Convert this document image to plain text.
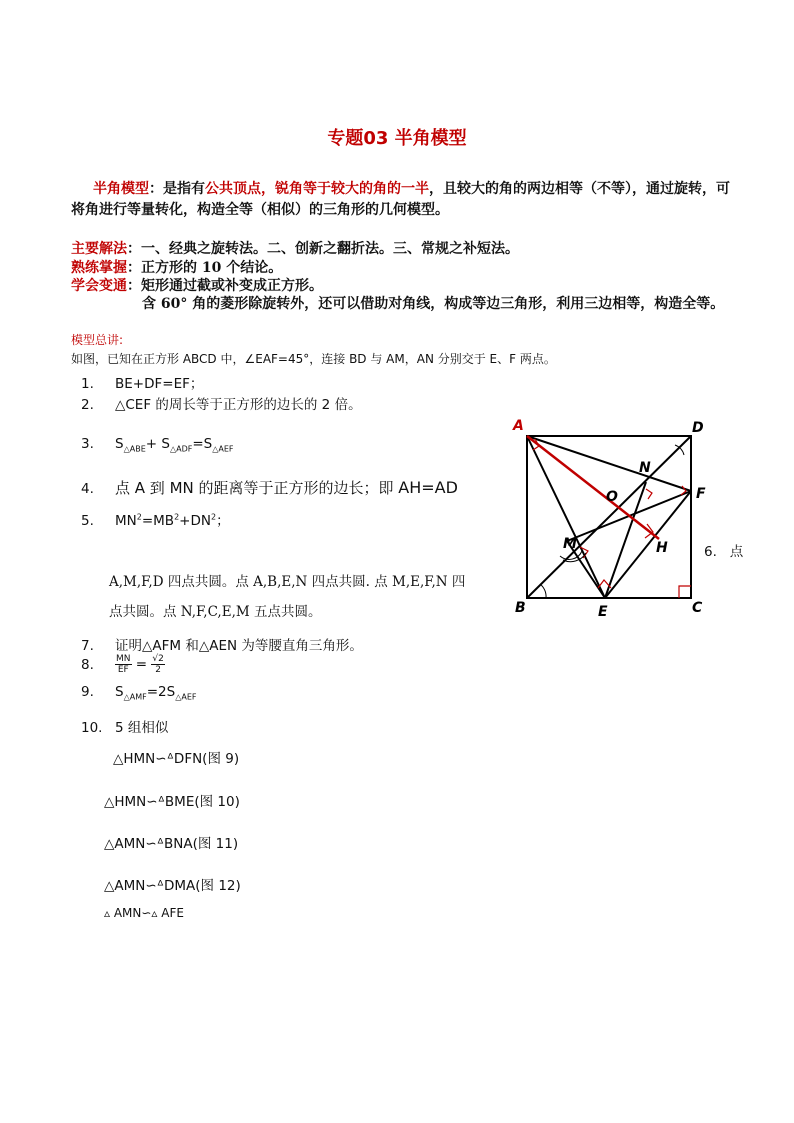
专题03 半角模型
半角模型：是指有公共顶点，锐角等于较大的角的一半，且较大的角的两边相等（不等），通过旋转，可
将角进行等量转化，构造全等（相似）的三角形的几何模型。
主要解法：一、经典之旋转法。二、创新之翻折法。三、常规之补短法。
熟练掌握：正方形的 10 个结论。
学会变通：矩形通过截或补变成正方形。
含 60° 角的菱形除旋转外，还可以借助对角线，构成等边三角形，利用三边相等，构造全等。
模型总讲:
如图，已知在正方形 ABCD 中，∠EAF=45°，连接 BD 与 AM，AN 分别交于 E、F 两点。
1. BE+DF=EF；
2. △CEF 的周长等于正方形的边长的 2 倍。
3. $S_{\triangle ABE}+ S_{\triangle ADF}=S_{\triangle AEF}$
4. 点 A 到 MN 的距离等于正方形的边长；即 AH=AD
5. $MN^2=MB^2+DN^2$；
6. 点
A,M,F,D 四点共圆。点 A,B,E,N 四点共圆. 点 M,E,F,N 四
点共圆。点 N,F,C,E,M 五点共圆。
7. 证明△AFM 和△AEN 为等腰直角三角形。
8. $\frac{MN}{EF} = \frac{√2}{2}$
9. $S_{\triangle AMF}=2S_{\triangle AEF}$
10. 5 组相似
△HMN∽ᐞDFN(图 9)
△HMN∽ᐞBME(图 10)
△AMN∽ᐞBNA(图 11)
△AMN∽ᐞDMA(图 12)
▵ AMN∽▵ AFE
A	D
B	C
E
F
H
M
N
O
